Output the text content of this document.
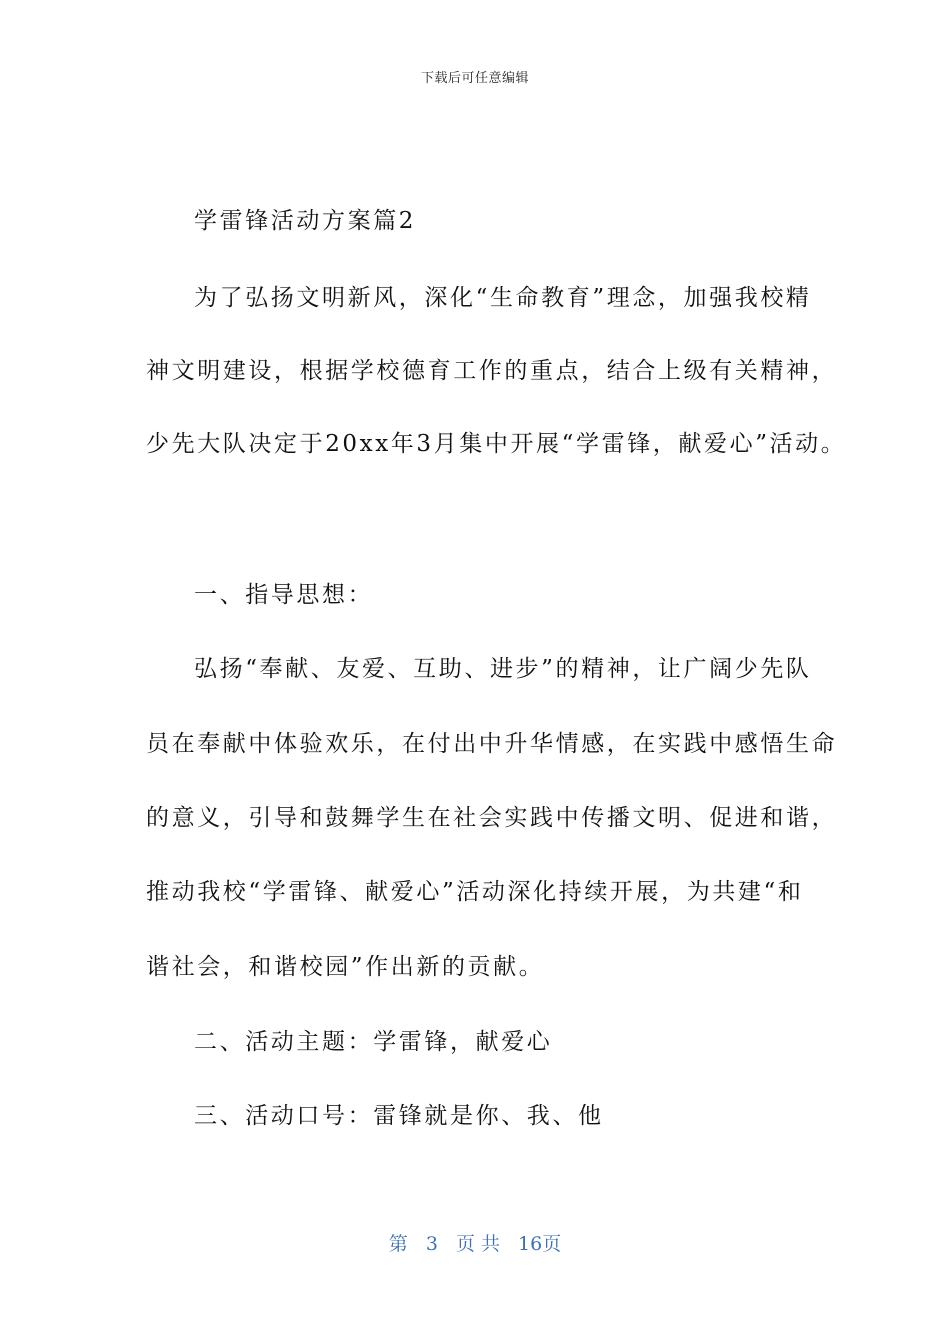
下载后可任意编辑
学雷锋活动方案篇2
为了弘扬文明新风，深化“生命教育”理念，加强我校精
神文明建设，根据学校德育工作的重点，结合上级有关精神，
少先大队决定于20xx年3月集中开展“学雷锋，献爱心”活动。
一、指导思想：
弘扬“奉献、友爱、互助、进步”的精神，让广阔少先队
员在奉献中体验欢乐，在付出中升华情感，在实践中感悟生命
的意义，引导和鼓舞学生在社会实践中传播文明、促进和谐，
推动我校“学雷锋、献爱心”活动深化持续开展，为共建“和
谐社会，和谐校园”作出新的贡献。
二、活动主题：学雷锋，献爱心
三、活动口号：雷锋就是你、我、他
第 3 页 共 16页
